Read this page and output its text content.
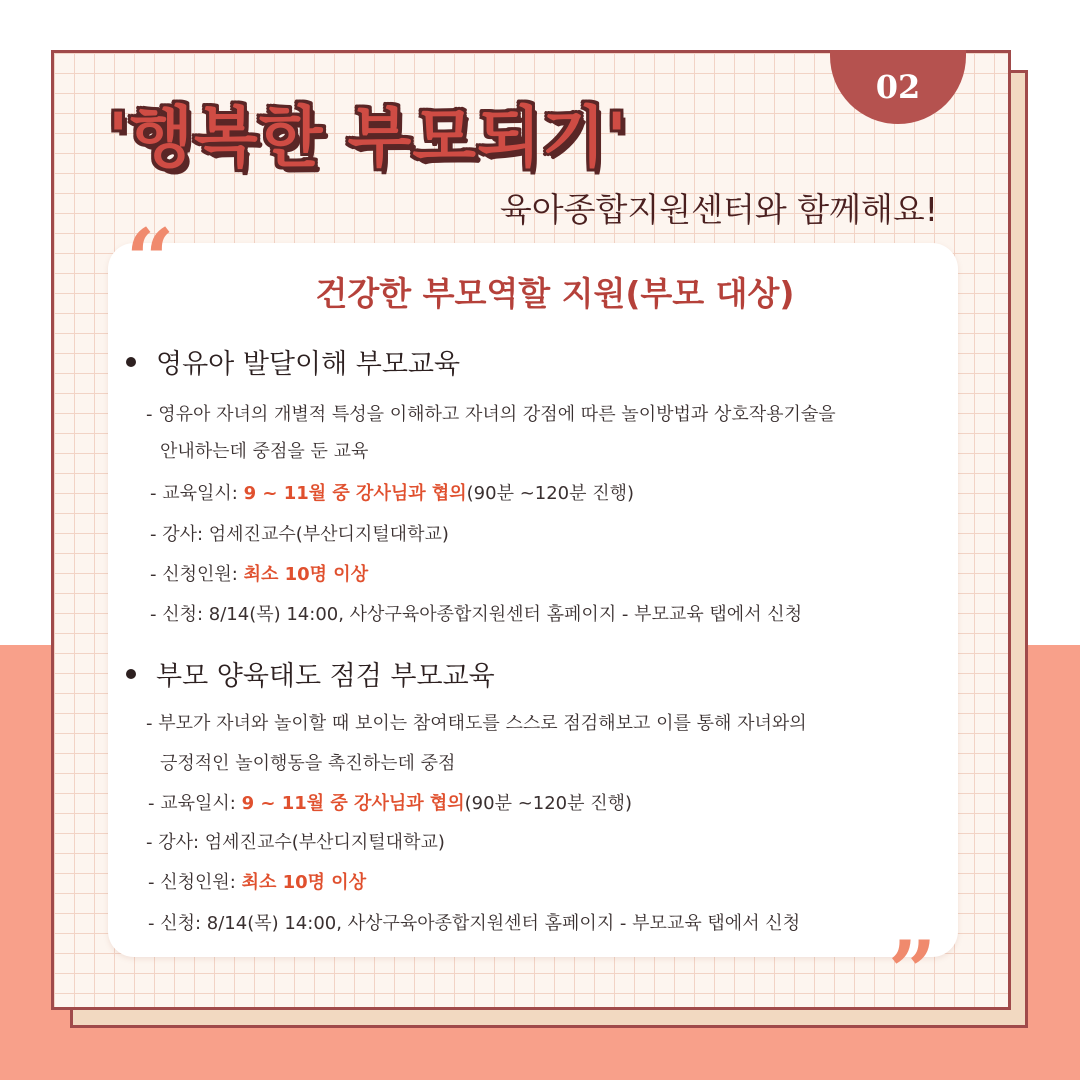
02
'행복한 부모되기'
육아종합지원센터와 함께해요!
“
”
건강한 부모역할 지원(부모 대상)
영유아 발달이해 부모교육
- 영유아 자녀의 개별적 특성을 이해하고 자녀의 강점에 따른 놀이방법과 상호작용기술을
안내하는데 중점을 둔 교육
- 교육일시: 9 ~ 11월 중 강사님과 협의(90분 ~120분 진행)
- 강사: 엄세진교수(부산디지털대학교)
- 신청인원: 최소 10명 이상
- 신청: 8/14(목) 14:00, 사상구육아종합지원센터 홈페이지 - 부모교육 탭에서 신청
부모 양육태도 점검 부모교육
- 부모가 자녀와 놀이할 때 보이는 참여태도를 스스로 점검해보고 이를 통해 자녀와의
긍정적인 놀이행동을 촉진하는데 중점
- 교육일시: 9 ~ 11월 중 강사님과 협의(90분 ~120분 진행)
- 강사: 엄세진교수(부산디지털대학교)
- 신청인원: 최소 10명 이상
- 신청: 8/14(목) 14:00, 사상구육아종합지원센터 홈페이지 - 부모교육 탭에서 신청
